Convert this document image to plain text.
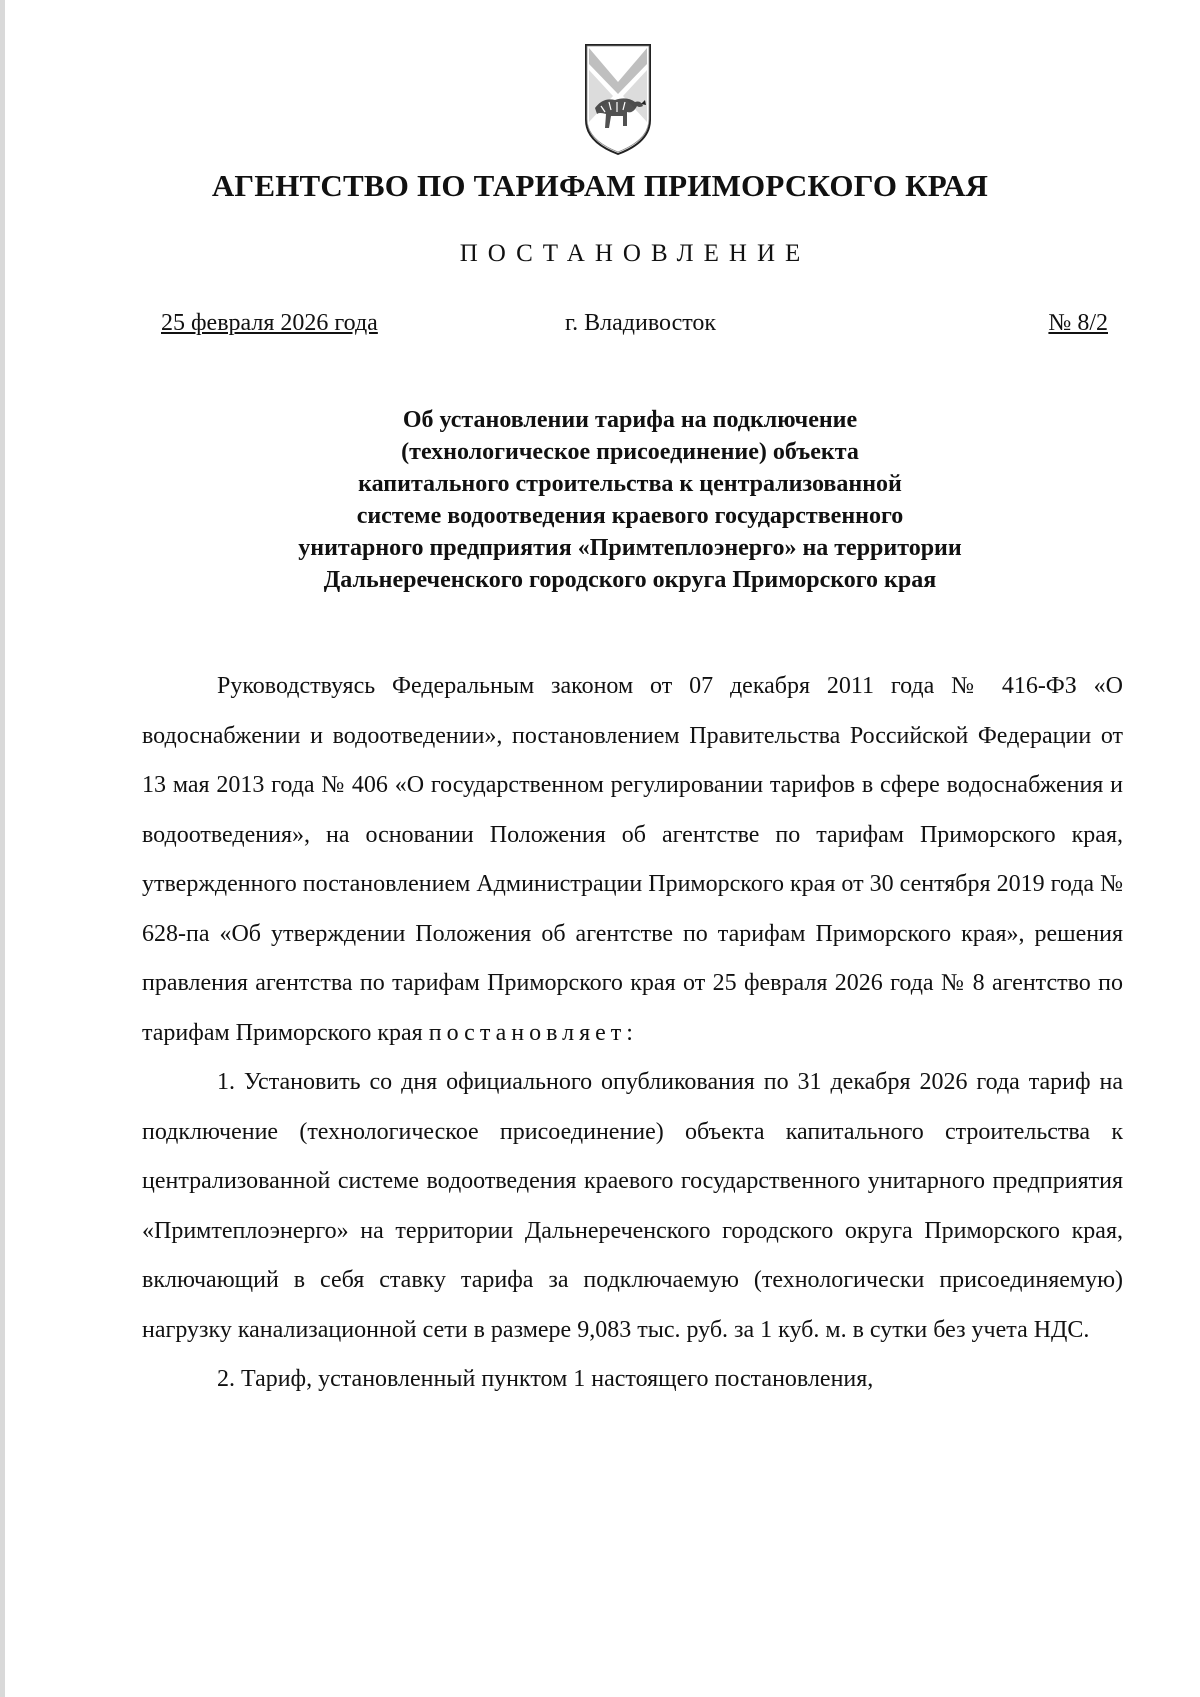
АГЕНТСТВО ПО ТАРИФАМ ПРИМОРСКОГО КРАЯ
ПОСТАНОВЛЕНИЕ
25 февраля 2026 года	г. Владивосток	№ 8/2
Об установлении тарифа на подключение
(технологическое присоединение) объекта
капитального строительства к централизованной
системе водоотведения краевого государственного
унитарного предприятия «Примтеплоэнерго» на территории
Дальнереченского городского округа Приморского края

Руководствуясь Федеральным законом от 07 декабря 2011 года № 416-ФЗ «О водоснабжении и водоотведении», постановлением Правительства Российской Федерации от 13 мая 2013 года № 406 «О государственном регулировании тарифов в сфере водоснабжения и водоотведения», на основании Положения об агентстве по тарифам Приморского края, утвержденного постановлением Администрации Приморского края от 30 сентября 2019 года № 628-па «Об утверждении Положения об агентстве по тарифам Приморского края», решения правления агентства по тарифам Приморского края от 25 февраля 2026 года № 8 агентство по тарифам Приморского края постановляет:

1. Установить со дня официального опубликования по 31 декабря 2026 года тариф на подключение (технологическое присоединение) объекта капитального строительства к централизованной системе водоотведения краевого государственного унитарного предприятия «Примтеплоэнерго» на территории Дальнереченского городского округа Приморского края, включающий в себя ставку тарифа за подключаемую (технологически присоединяемую) нагрузку канализационной сети в размере 9,083 тыс. руб. за 1 куб. м. в сутки без учета НДС.

2. Тариф, установленный пунктом 1 настоящего постановления,
